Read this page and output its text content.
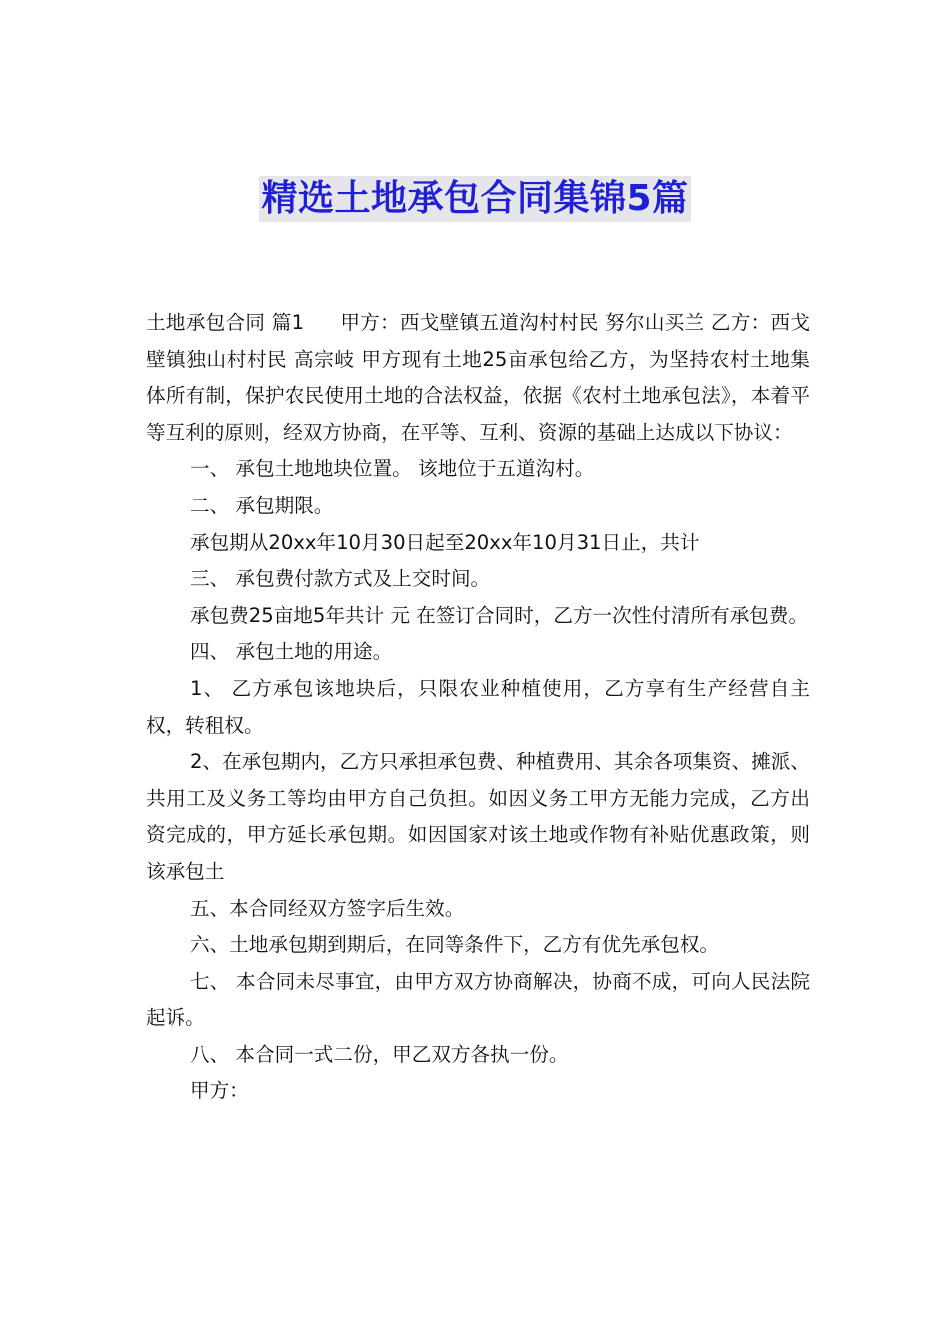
精选土地承包合同集锦5篇

土地承包合同 篇1 甲方：西戈壁镇五道沟村村民 努尔山买兰 乙方：西戈壁镇独山村村民 高宗岐 甲方现有土地25亩承包给乙方，为坚持农村土地集体所有制，保护农民使用土地的合法权益，依据《农村土地承包法》，本着平等互利的原则，经双方协商，在平等、互利、资源的基础上达成以下协议：

一、 承包土地地块位置。 该地位于五道沟村。

二、 承包期限。

承包期从20xx年10月30日起至20xx年10月31日止，共计

三、 承包费付款方式及上交时间。

承包费25亩地5年共计 元 在签订合同时，乙方一次性付清所有承包费。

四、 承包土地的用途。

1、 乙方承包该地块后，只限农业种植使用，乙方享有生产经营自主权，转租权。

2、在承包期内，乙方只承担承包费、种植费用、其余各项集资、摊派、共用工及义务工等均由甲方自己负担。如因义务工甲方无能力完成，乙方出资完成的，甲方延长承包期。如因国家对该土地或作物有补贴优惠政策，则该承包土

五、本合同经双方签字后生效。

六、土地承包期到期后，在同等条件下，乙方有优先承包权。

七、 本合同未尽事宜，由甲方双方协商解决，协商不成，可向人民法院起诉。

八、 本合同一式二份，甲乙双方各执一份。

甲方：
